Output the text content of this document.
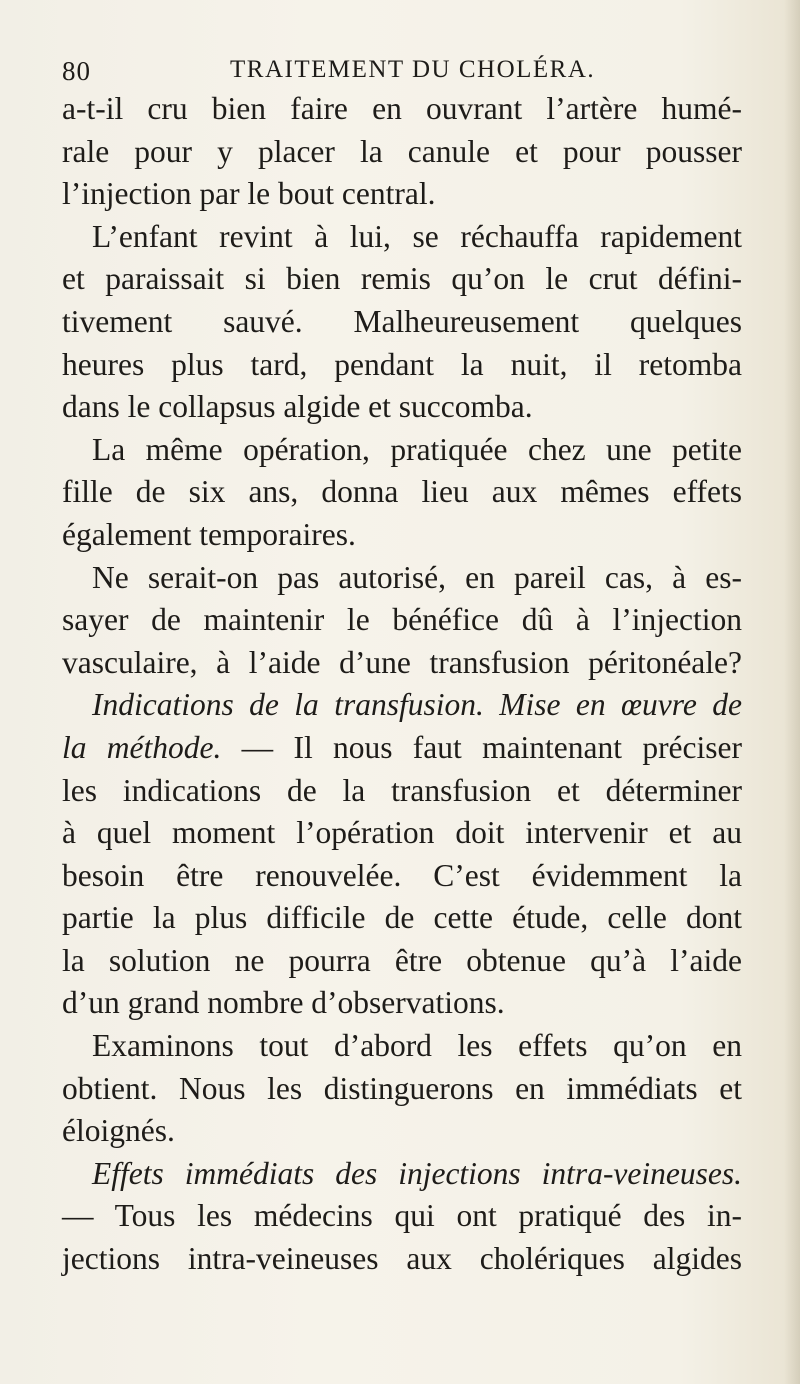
80	TRAITEMENT DU CHOLÉRA.
a-t-il cru bien faire en ouvrant l’artère humé-
rale pour y placer la canule et pour pousser
l’injection par le bout central.
L’enfant revint à lui, se réchauffa rapidement
et paraissait si bien remis qu’on le crut défini-
tivement sauvé. Malheureusement quelques
heures plus tard, pendant la nuit, il retomba
dans le collapsus algide et succomba.
La même opération, pratiquée chez une petite
fille de six ans, donna lieu aux mêmes effets
également temporaires.
Ne serait-on pas autorisé, en pareil cas, à es-
sayer de maintenir le bénéfice dû à l’injection
vasculaire, à l’aide d’une transfusion péritonéale?
Indications de la transfusion. Mise en œuvre de
la méthode. — Il nous faut maintenant préciser
les indications de la transfusion et déterminer
à quel moment l’opération doit intervenir et au
besoin être renouvelée. C’est évidemment la
partie la plus difficile de cette étude, celle dont
la solution ne pourra être obtenue qu’à l’aide
d’un grand nombre d’observations.
Examinons tout d’abord les effets qu’on en
obtient. Nous les distinguerons en immédiats et
éloignés.
Effets immédiats des injections intra-veineuses.
— Tous les médecins qui ont pratiqué des in-
jections intra-veineuses aux cholériques algides
